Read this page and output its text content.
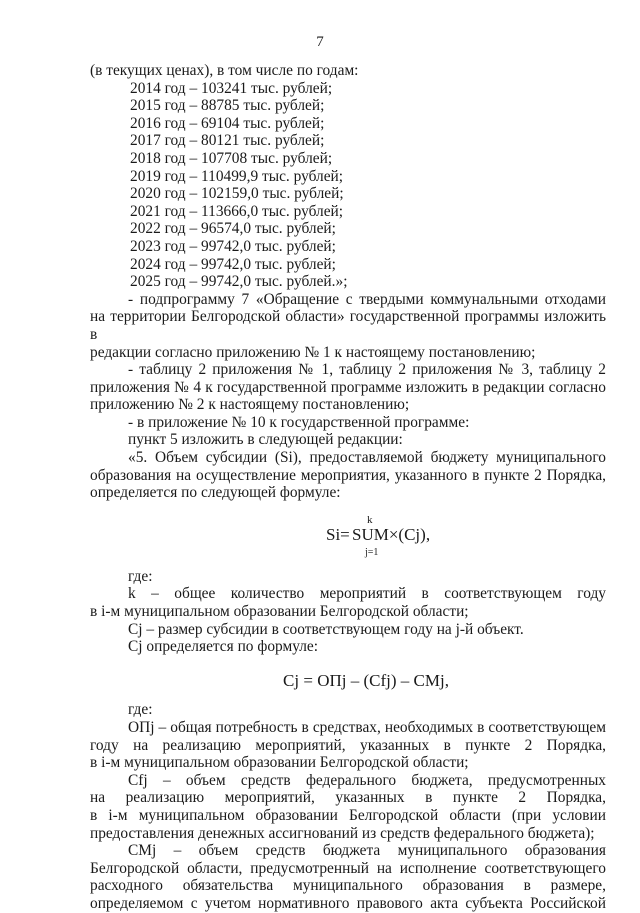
7

(в текущих ценах), в том числе по годам:

2014 год – 103241 тыс. рублей;

2015 год – 88785 тыс. рублей;

2016 год – 69104 тыс. рублей;

2017 год – 80121 тыс. рублей;

2018 год – 107708 тыс. рублей;

2019 год – 110499,9 тыс. рублей;

2020 год – 102159,0 тыс. рублей;

2021 год – 113666,0 тыс. рублей;

2022 год – 96574,0 тыс. рублей;

2023 год – 99742,0 тыс. рублей;

2024 год – 99742,0 тыс. рублей;

2025 год – 99742,0 тыс. рублей.»;

- подпрограмму 7 «Обращение с твердыми коммунальными отходами

на территории Белгородской области» государственной программы изложить в

редакции согласно приложению № 1 к настоящему постановлению;

- таблицу 2 приложения № 1, таблицу 2 приложения № 3, таблицу 2

приложения № 4 к государственной программе изложить в редакции согласно

приложению № 2 к настоящему постановлению;

- в приложение № 10 к государственной программе:

пункт 5 изложить в следующей редакции:

«5. Объем субсидии (Si), предоставляемой бюджету муниципального

образования на осуществление мероприятия, указанного в пункте 2 Порядка,

определяется по следующей формуле:

Si= SUM×(Cj),
k
j=1

где:

k – общее количество мероприятий в соответствующем году

в i-м муниципальном образовании Белгородской области;

Cj – размер субсидии в соответствующем году на j-й объект.

Cj определяется по формуле:

Cj = ОПj – (Cfj) – CMj,

где:

ОПj – общая потребность в средствах, необходимых в соответствующем

году на реализацию мероприятий, указанных в пункте 2 Порядка,

в i-м муниципальном образовании Белгородской области;

Cfj – объем средств федерального бюджета, предусмотренных

на реализацию мероприятий, указанных в пункте 2 Порядка,

в i-м муниципальном образовании Белгородской области (при условии

предоставления денежных ассигнований из средств федерального бюджета);

CMj – объем средств бюджета муниципального образования

Белгородской области, предусмотренный на исполнение соответствующего

расходного обязательства муниципального образования в размере,

определяемом с учетом нормативного правового акта субъекта Российской
